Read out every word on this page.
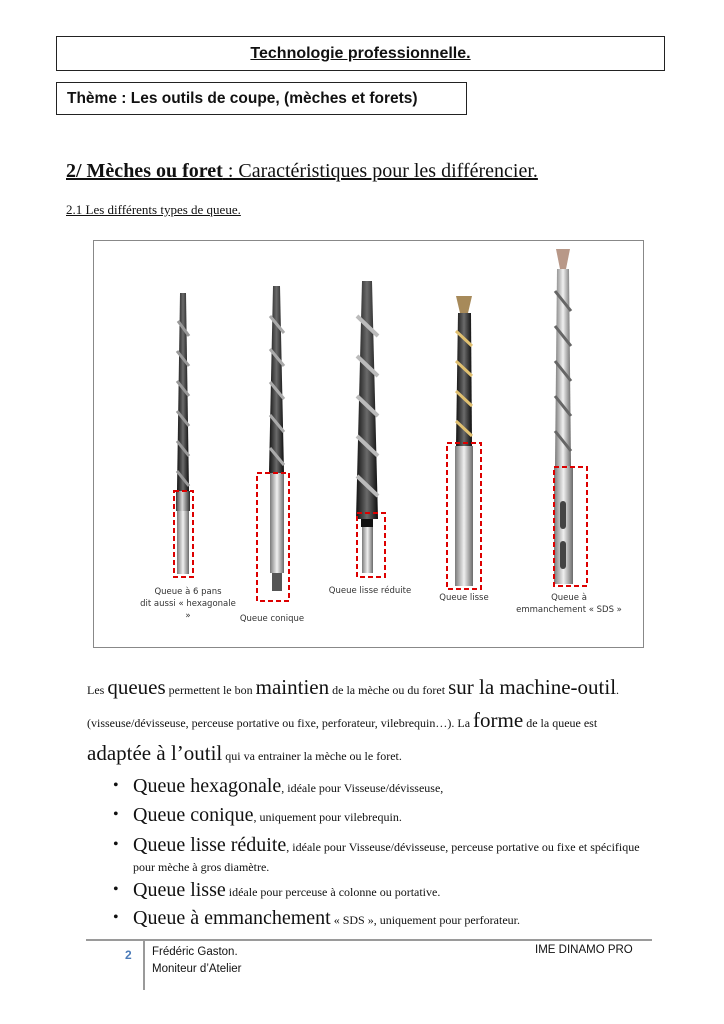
Technologie professionnelle.
Thème : Les outils de coupe, (mèches et forets)
2/ Mèches ou foret : Caractéristiques pour les différencier.
2.1 Les différents types de queue.
Queue à 6 pans
dit aussi « hexagonale »	Queue conique
Queue lisse réduite
Queue lisse	Queue à
emmanchement « SDS »
Les queues permettent le bon maintien de la mèche ou du foret sur la machine-outil. (visseuse/dévisseuse, perceuse portative ou fixe, perforateur, vilebrequin…). La forme de la queue est adaptée à l’outil qui va entrainer la mèche ou le foret.
• Queue hexagonale, idéale pour Visseuse/dévisseuse,
• Queue conique, uniquement pour vilebrequin.
• Queue lisse réduite, idéale pour Visseuse/dévisseuse, perceuse portative ou fixe et spécifique pour mèche à gros diamètre.
• Queue lisse idéale pour perceuse à colonne ou portative.
• Queue à emmanchement « SDS », uniquement pour perforateur.
2 Frédéric Gaston.
Moniteur d’Atelier
IME DINAMO PRO
